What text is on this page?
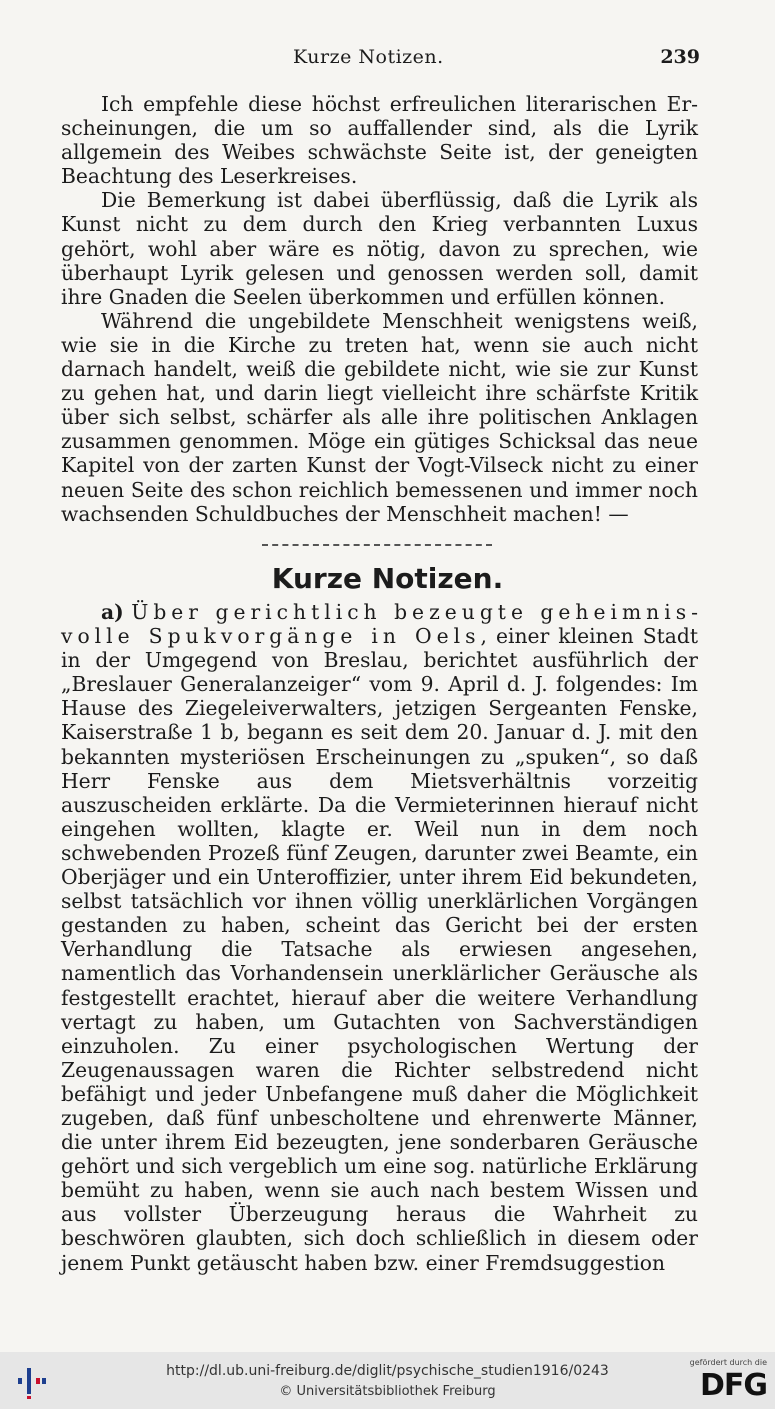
Kurze Notizen.	239

Ich empfehle diese höchst erfreulichen literarischen Erscheinungen, die um so auffallender sind, als die Lyrik allgemein des Weibes schwächste Seite ist, der geneigten Beachtung des Leserkreises.

Die Bemerkung ist dabei überflüssig, daß die Lyrik als Kunst nicht zu dem durch den Krieg verbannten Luxus gehört, wohl aber wäre es nötig, davon zu sprechen, wie überhaupt Lyrik gelesen und genossen werden soll, damit ihre Gnaden die Seelen überkommen und erfüllen können.

Während die ungebildete Menschheit wenigstens weiß, wie sie in die Kirche zu treten hat, wenn sie auch nicht darnach handelt, weiß die gebildete nicht, wie sie zur Kunst zu gehen hat, und darin liegt vielleicht ihre schärfste Kritik über sich selbst, schärfer als alle ihre politischen Anklagen zusammen genommen. Möge ein gütiges Schicksal das neue Kapitel von der zarten Kunst der Vogt-Vilseck nicht zu einer neuen Seite des schon reichlich bemessenen und immer noch wachsenden Schuldbuches der Menschheit machen! —

Kurze Notizen.

a) Über gerichtlich bezeugte geheimnisvolle Spukvorgänge in Oels, einer kleinen Stadt in der Umgegend von Breslau, berichtet ausführlich der „Breslauer Generalanzeiger“ vom 9. April d. J. folgendes: Im Hause des Ziegeleiverwalters, jetzigen Sergeanten Fenske, Kaiserstraße 1 b, begann es seit dem 20. Januar d. J. mit den bekannten mysteriösen Erscheinungen zu „spuken“, so daß Herr Fenske aus dem Mietsverhältnis vorzeitig auszuscheiden erklärte. Da die Vermieterinnen hierauf nicht eingehen wollten, klagte er. Weil nun in dem noch schwebenden Prozeß fünf Zeugen, darunter zwei Beamte, ein Oberjäger und ein Unteroffizier, unter ihrem Eid bekundeten, selbst tatsächlich vor ihnen völlig unerklärlichen Vorgängen gestanden zu haben, scheint das Gericht bei der ersten Verhandlung die Tatsache als erwiesen angesehen, namentlich das Vorhandensein unerklärlicher Geräusche als festgestellt erachtet, hierauf aber die weitere Verhandlung vertagt zu haben, um Gutachten von Sachverständigen einzuholen. Zu einer psychologischen Wertung der Zeugenaussagen waren die Richter selbstredend nicht befähigt und jeder Unbefangene muß daher die Möglichkeit zugeben, daß fünf unbescholtene und ehrenwerte Männer, die unter ihrem Eid bezeugten, jene sonderbaren Geräusche gehört und sich vergeblich um eine sog. natürliche Erklärung bemüht zu haben, wenn sie auch nach bestem Wissen und aus vollster Überzeugung heraus die Wahrheit zu beschwören glaubten, sich doch schließlich in diesem oder jenem Punkt getäuscht haben bzw. einer Fremdsuggestion

http://dl.ub.uni-freiburg.de/diglit/psychische_studien1916/0243
© Universitätsbibliothek Freiburg
gefördert durch die
DFG
